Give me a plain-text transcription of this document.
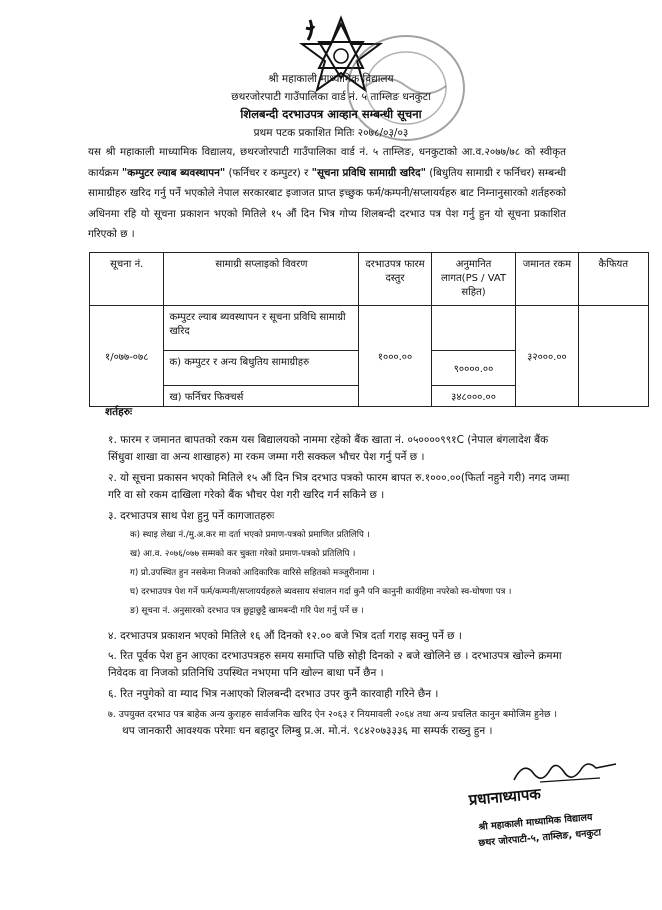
श्री महाकाली माध्यामिक विद्यालय
छथरजोरपाटी गाउँपालिका वार्ड नं. ५ ताम्लिङ धनकुटा
शिलबन्दी दरभाउपत्र आव्हान सम्बन्धी सूचना
प्रथम पटक प्रकाशित मितिः २०७८/०३/०३
यस श्री महाकाली माध्यामिक विद्यालय, छथरजोरपाटी गाउँपालिका वार्ड नं. ५ ताम्लिङ, धनकुटाको आ.व.२०७७/७८ को स्वीकृत कार्यक्रम "कम्पुटर ल्याब ब्यवस्थापन" (फर्निचर र कम्पुटर) र "सूचना प्रविधि सामाग्री खरिद" (बिधुतिय सामाग्री र फर्निचर) सम्बन्धी सामाग्रीहरु खरिद गर्नु पर्ने भएकोले नेपाल सरकारबाट इजाजत प्राप्त इच्छुक फर्म/कम्पनी/सप्लायर्यहरु बाट निम्नानुसारको शर्तहरुको अधिनमा रहि यो सूचना प्रकाशन भएको मितिले १५ औं दिन भित्र गोप्य शिलबन्दी दरभाउ पत्र पेश गर्नु हुन यो सूचना प्रकाशित गरिएको छ ।
सूचना नं.	सामाग्री सप्लाइको विवरण	दरभाउपत्र फारम दस्तुर	अनुमानित लागत(PS / VAT सहित)	जमानत रकम	कैफियत
१/०७७-०७८	कम्पुटर ल्याब ब्यवस्थापन र सूचना प्रविधि सामाग्री खरिद	१०००.००		३२०००.००	
	क) कम्पुटर र अन्य बिधुतिय सामाग्रीहरु		९००००.००		
	ख) फर्निचर फिक्चर्स		३४८०००.००		
शर्तहरुः
१. फारम र जमानत बापतको रकम यस बिद्यालयको नाममा रहेको बैंक खाता नं. ०५००००९९१C (नेपाल बंगलादेश बैंक सिंधुवा शाखा वा अन्य शाखाहरु) मा रकम जम्मा गरी सक्कल भौचर पेश गर्नु पर्ने छ ।
२. यो सूचना प्रकासन भएको मितिले १५ औं दिन भित्र दरभाउ पत्रको फारम बापत रु.१०००.००(फिर्ता नहुने गरी) नगद जम्मा गरि वा सो रकम दाखिला गरेको बैंक भौचर पेश गरी खरिद गर्न सकिने छ ।
३. दरभाउपत्र साथ पेश हुनु पर्ने कागजातहरुः
क) स्थाइ लेखा नं./मु.अ.कर मा दर्ता भएको प्रमाण-पत्रको प्रमाणित प्रतिलिपि ।
ख) आ.व. २०७६/०७७ सम्मको कर चुक्ता गरेको प्रमाण-पत्रको प्रतिलिपि ।
ग) प्रो.उपस्थित हुन नसकेमा निजको आदिकारिक वारिसे सहितको मञ्जुरीनामा ।
घ) दरभाउपत्र पेश गर्ने फर्म/कम्पनी/सप्लायर्यहरुले ब्यवसाय संचालन गर्दा कुनै पनि कानुनी कार्यहिमा नपरेको स्व-घोषणा पत्र ।
ङ) सूचना नं. अनुसारको दरभाउ पत्र छुट्टाछुट्टै खामबन्दी गरि पेश गर्नु पर्ने छ ।
४. दरभाउपत्र प्रकाशन भएको मितिले १६ औं दिनको १२.०० बजे भित्र दर्ता गराइ सक्नु पर्ने छ ।
५. रित पूर्वक पेश हुन आएका दरभाउपत्रहरु समय समाप्ति पछि सोही दिनको २ बजे खोलिने छ । दरभाउपत्र खोल्ने क्रममा निवेदक वा निजको प्रतिनिधि उपस्थित नभएमा पनि खोल्न बाधा पर्ने छैन ।
६. रित नपुगेको वा म्याद भित्र नआएको शिलबन्दी दरभाउ उपर कुनै कारवाही गरिने छैन ।
७. उपयुक्त दरभाउ पत्र बाहेक अन्य कुराहरु सार्वजनिक खरिद ऐन २०६३ र नियमावली २०६४ तथा अन्य प्रचलित कानुन बमोजिम हुनेछ ।
थप जानकारी आवश्यक परेमाः धन बहादुर लिम्बु प्र.अ. मो.नं. ९८४२०७३३३६ मा सम्पर्क राख्नु हुन ।
प्रधानाध्यापक
श्री महाकाली माध्यामिक विद्यालय
छथर जोरपाटी-५, ताम्लिङ, धनकुटा
